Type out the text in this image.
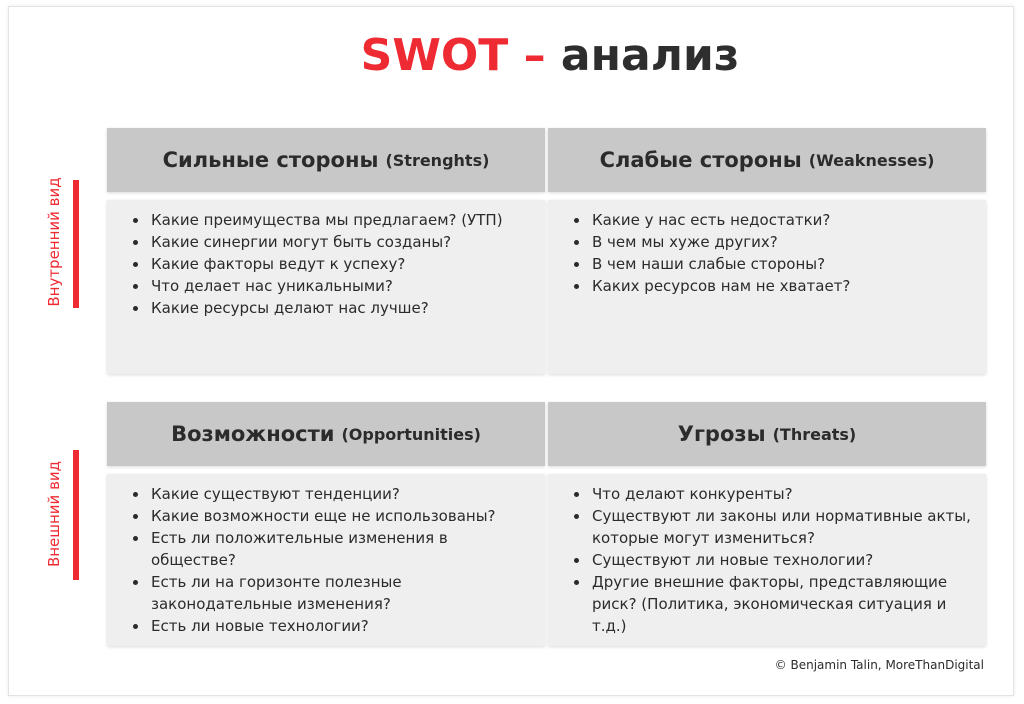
SWOT – анализ
Внутренний вид
Внешний вид
Сильные стороны (Strenghts)
• Какие преимущества мы предлагаем? (УТП)
• Какие синергии могут быть созданы?
• Какие факторы ведут к успеху?
• Что делает нас уникальными?
• Какие ресурсы делают нас лучше?
Слабые стороны (Weaknesses)
• Какие у нас есть недостатки?
• В чем мы хуже других?
• В чем наши слабые стороны?
• Каких ресурсов нам не хватает?
Возможности (Opportunities)
• Какие существуют тенденции?
• Какие возможности еще не использованы?
• Есть ли положительные изменения в обществе?
• Есть ли на горизонте полезные законодательные изменения?
• Есть ли новые технологии?
Угрозы (Threats)
• Что делают конкуренты?
• Существуют ли законы или нормативные акты, которые могут измениться?
• Существуют ли новые технологии?
• Другие внешние факторы, представляющие риск? (Политика, экономическая ситуация и т.д.)
© Benjamin Talin, MoreThanDigital
